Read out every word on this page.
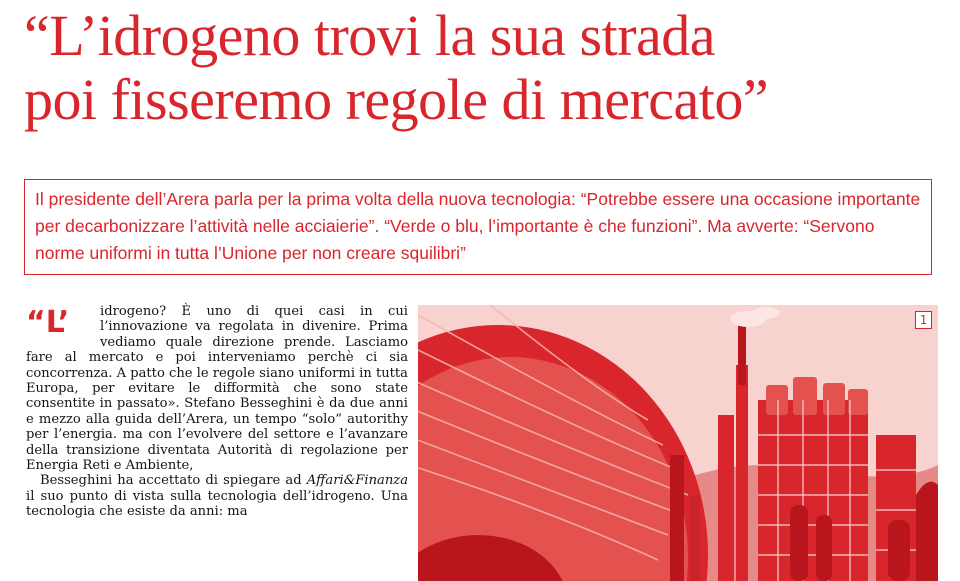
“L’idrogeno trovi la sua strada
poi fisseremo regole di mercato”
Il presidente dell’Arera parla per la prima volta della nuova tecnologia: “Potrebbe essere una occasione importante per decarbonizzare l’attività nelle acciaierie”. “Verde o blu, l’importante è che funzioni”. Ma avverte: “Servono norme uniformi in tutta l’Unione per non creare squilibri”

“L’	idrogeno? È uno di quei casi in cui l’innovazione va regolata in divenire. Prima vediamo quale direzione prende. Lasciamo fare al mercato e poi interveniamo perchè ci sia concorrenza. A patto che le regole siano uniformi in tutta Europa, per evitare le difformità che sono state consentite in passato». Stefano Besseghini è da due anni e mezzo alla guida dell’Arera, un tempo “solo” autorithy per l’energia. ma con l’evolvere del settore e l’avanzare della transizione diventata Autorità di regolazione per Energia Reti e Ambiente,

Besseghini ha accettato di spiegare ad Affari&Finanza il suo punto di vista sulla tecnologia dell’idrogeno. Una tecnologia che esiste da anni: ma

1
